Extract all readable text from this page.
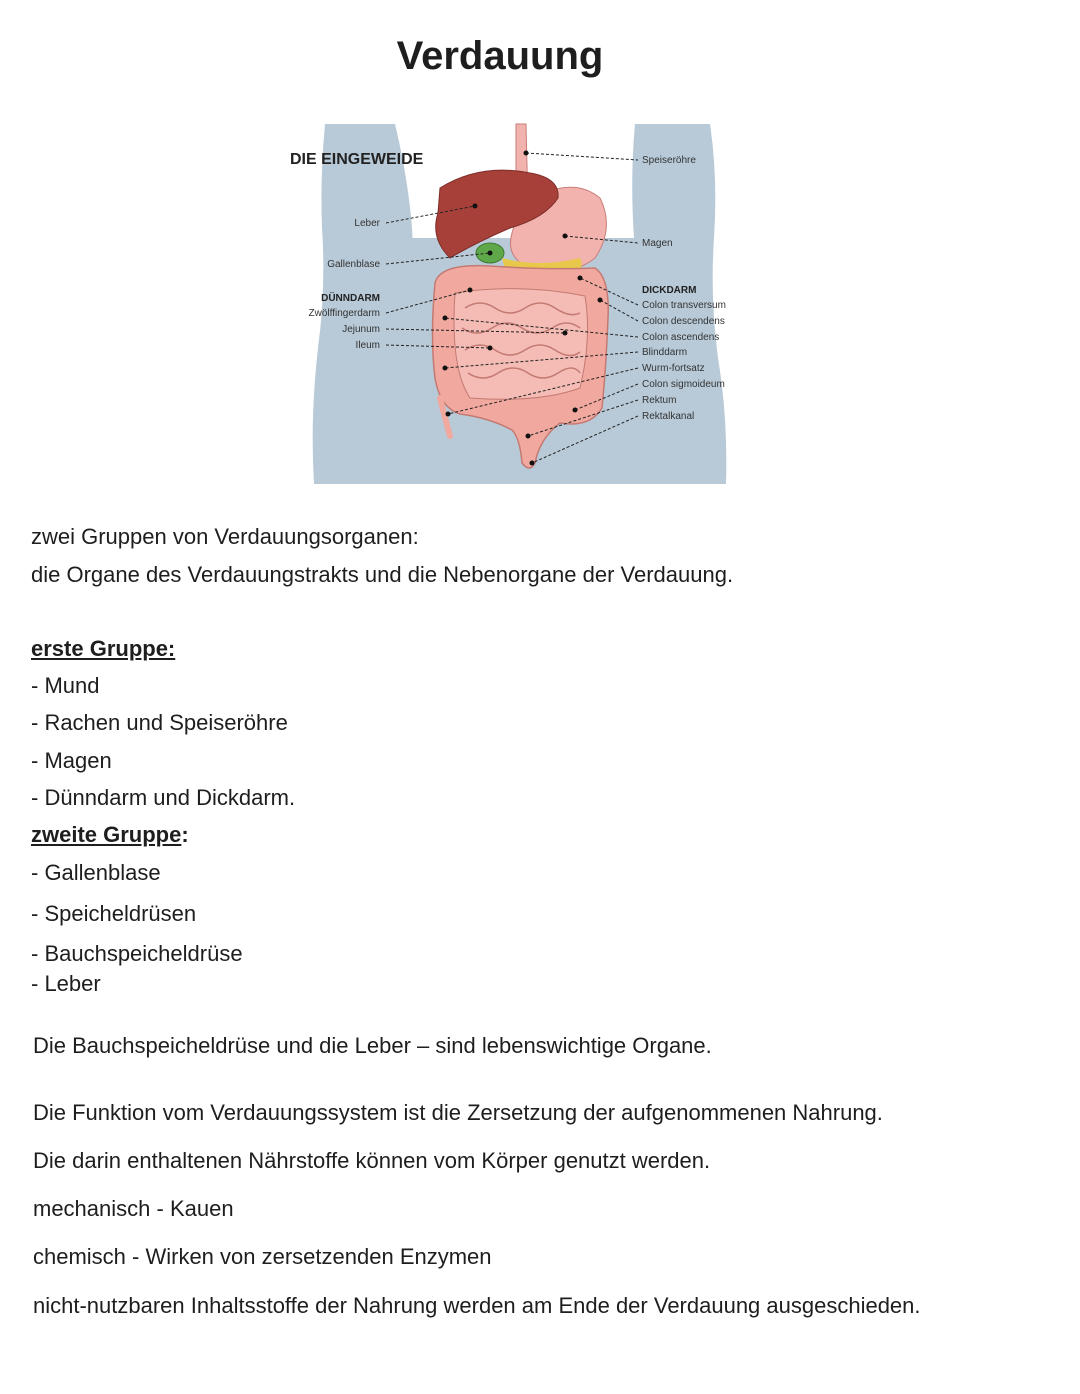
Verdauung
DIE EINGEWEIDE
Leber
Gallenblase
DÜNNDARM
Zwölffingerdarm
Jejunum
Ileum
Speiseröhre
Magen
DICKDARM
Colon transversum
Colon descendens
Colon ascendens
Blinddarm
Wurm-fortsatz
Colon sigmoideum
Rektum
Rektalkanal

zwei Gruppen von Verdauungsorganen:

die Organe des Verdauungstrakts und die Nebenorgane der Verdauung.

erste Gruppe:

- Mund

- Rachen und Speiseröhre

- Magen

- Dünndarm und Dickdarm.

zweite Gruppe:

- Gallenblase

- Speicheldrüsen

- Bauchspeicheldrüse

- Leber

Die Bauchspeicheldrüse und die Leber – sind lebenswichtige Organe.

Die Funktion vom Verdauungssystem ist die Zersetzung der aufgenommenen Nahrung.

Die darin enthaltenen Nährstoffe können vom Körper genutzt werden.

mechanisch - Kauen

chemisch - Wirken von zersetzenden Enzymen

nicht-nutzbaren Inhaltsstoffe der Nahrung werden am Ende der Verdauung ausgeschieden.
